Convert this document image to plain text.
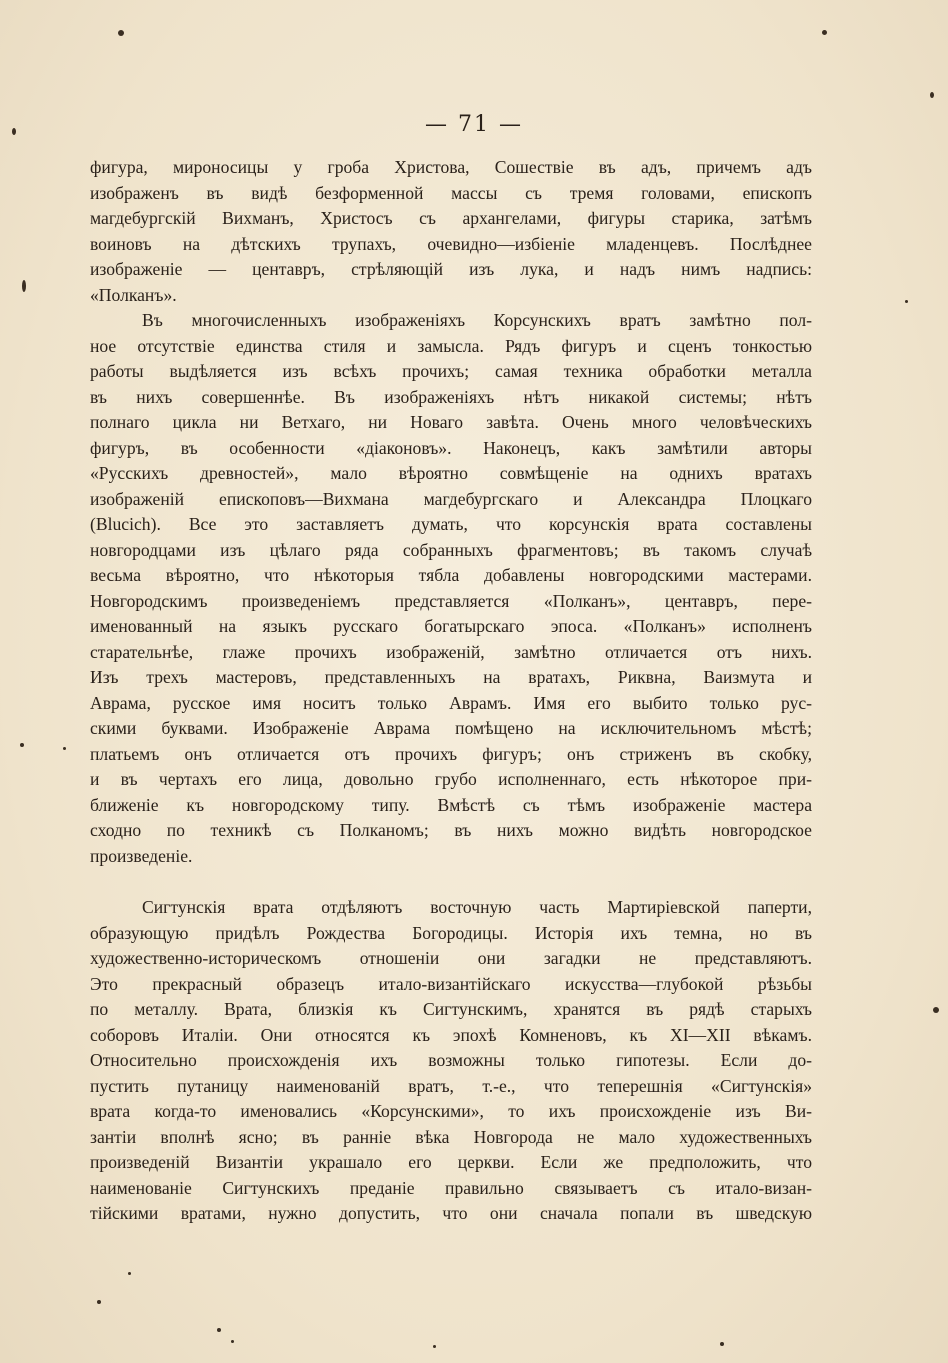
— 71 —
фигура, мироносицы у гроба Христова, Сошествіе въ адъ, причемъ адъ
изображенъ въ видѣ безформенной массы съ тремя головами, епископъ
магдебургскій Вихманъ, Христосъ съ архангелами, фигуры старика, затѣмъ
воиновъ на дѣтскихъ трупахъ, очевидно—избіеніе младенцевъ. Послѣднее
изображеніе — центавръ, стрѣляющій изъ лука, и надъ нимъ надпись:
«Полканъ».
Въ многочисленныхъ изображеніяхъ Корсунскихъ вратъ замѣтно пол-
ное отсутствіе единства стиля и замысла. Рядъ фигуръ и сценъ тонкостью
работы выдѣляется изъ всѣхъ прочихъ; самая техника обработки металла
въ нихъ совершеннѣе. Въ изображеніяхъ нѣтъ никакой системы; нѣтъ
полнаго цикла ни Ветхаго, ни Новаго завѣта. Очень много человѣческихъ
фигуръ, въ особенности «діаконовъ». Наконецъ, какъ замѣтили авторы
«Русскихъ древностей», мало вѣроятно совмѣщеніе на однихъ вратахъ
изображеній епископовъ—Вихмана магдебургскаго и Александра Плоцкаго
(Blucich). Все это заставляетъ думать, что корсунскія врата составлены
новгородцами изъ цѣлаго ряда собранныхъ фрагментовъ; въ такомъ случаѣ
весьма вѣроятно, что нѣкоторыя тябла добавлены новгородскими мастерами.
Новгородскимъ произведеніемъ представляется «Полканъ», центавръ, пере-
именованный на языкъ русскаго богатырскаго эпоса. «Полканъ» исполненъ
старательнѣе, глаже прочихъ изображеній, замѣтно отличается отъ нихъ.
Изъ трехъ мастеровъ, представленныхъ на вратахъ, Риквна, Ваизмута и
Аврама, русское имя носитъ только Аврамъ. Имя его выбито только рус-
скими буквами. Изображеніе Аврама помѣщено на исключительномъ мѣстѣ;
платьемъ онъ отличается отъ прочихъ фигуръ; онъ стриженъ въ скобку,
и въ чертахъ его лица, довольно грубо исполненнаго, есть нѣкоторое при-
ближеніе къ новгородскому типу. Вмѣстѣ съ тѣмъ изображеніе мастера
сходно по техникѣ съ Полканомъ; въ нихъ можно видѣть новгородское
произведеніе.
Сигтунскія врата отдѣляютъ восточную часть Мартиріевской паперти,
образующую придѣлъ Рождества Богородицы. Исторія ихъ темна, но въ
художественно-историческомъ отношеніи они загадки не представляютъ.
Это прекрасный образецъ итало-византійскаго искусства—глубокой рѣзьбы
по металлу. Врата, близкія къ Сигтунскимъ, хранятся въ рядѣ старыхъ
соборовъ Италіи. Они относятся къ эпохѣ Комненовъ, къ XI—XII вѣкамъ.
Относительно происхожденія ихъ возможны только гипотезы. Если до-
пустить путаницу наименованій вратъ, т.-е., что теперешнія «Сигтунскія»
врата когда-то именовались «Корсунскими», то ихъ происхожденіе изъ Ви-
зантіи вполнѣ ясно; въ ранніе вѣка Новгорода не мало художественныхъ
произведеній Византіи украшало его церкви. Если же предположить, что
наименованіе Сигтунскихъ преданіе правильно связываетъ съ итало-визан-
тійскими вратами, нужно допустить, что они сначала попали въ шведскую
